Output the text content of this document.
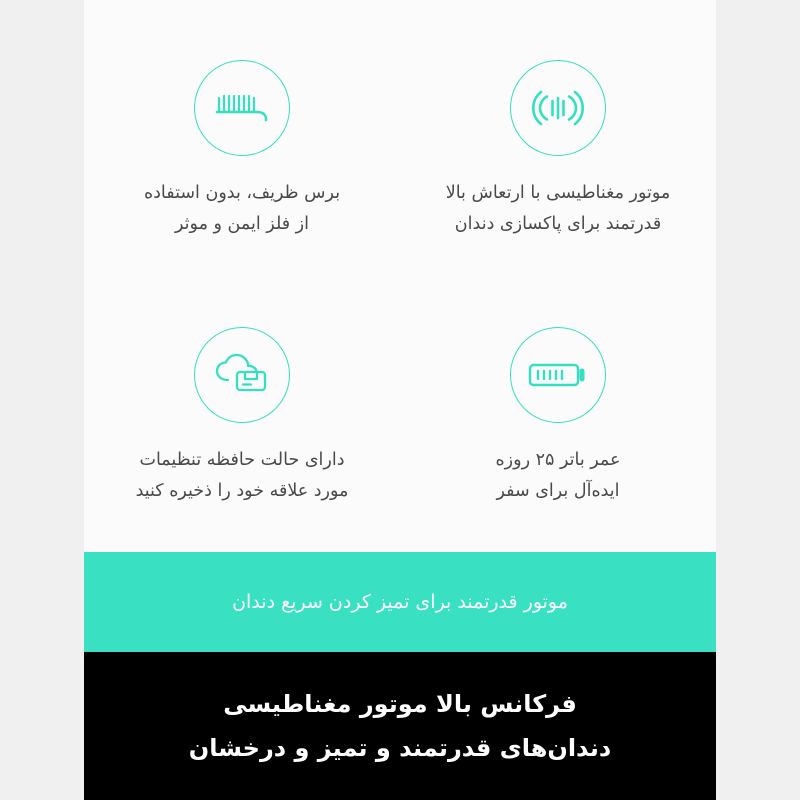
موتور مغناطیسی با ارتعاش بالا
قدرتمند برای پاکسازی دندان
برس ظریف، بدون استفاده
از فلز ایمن و موثر
عمر باتر ۲۵ روزه
ایده‌آل برای سفر
دارای حالت حافظه تنظیمات
مورد علاقه خود را ذخیره کنید
موتور قدرتمند برای تمیز کردن سریع دندان
فرکانس بالا موتور مغناطیسی
دندان‌های قدرتمند و تمیز و درخشان
